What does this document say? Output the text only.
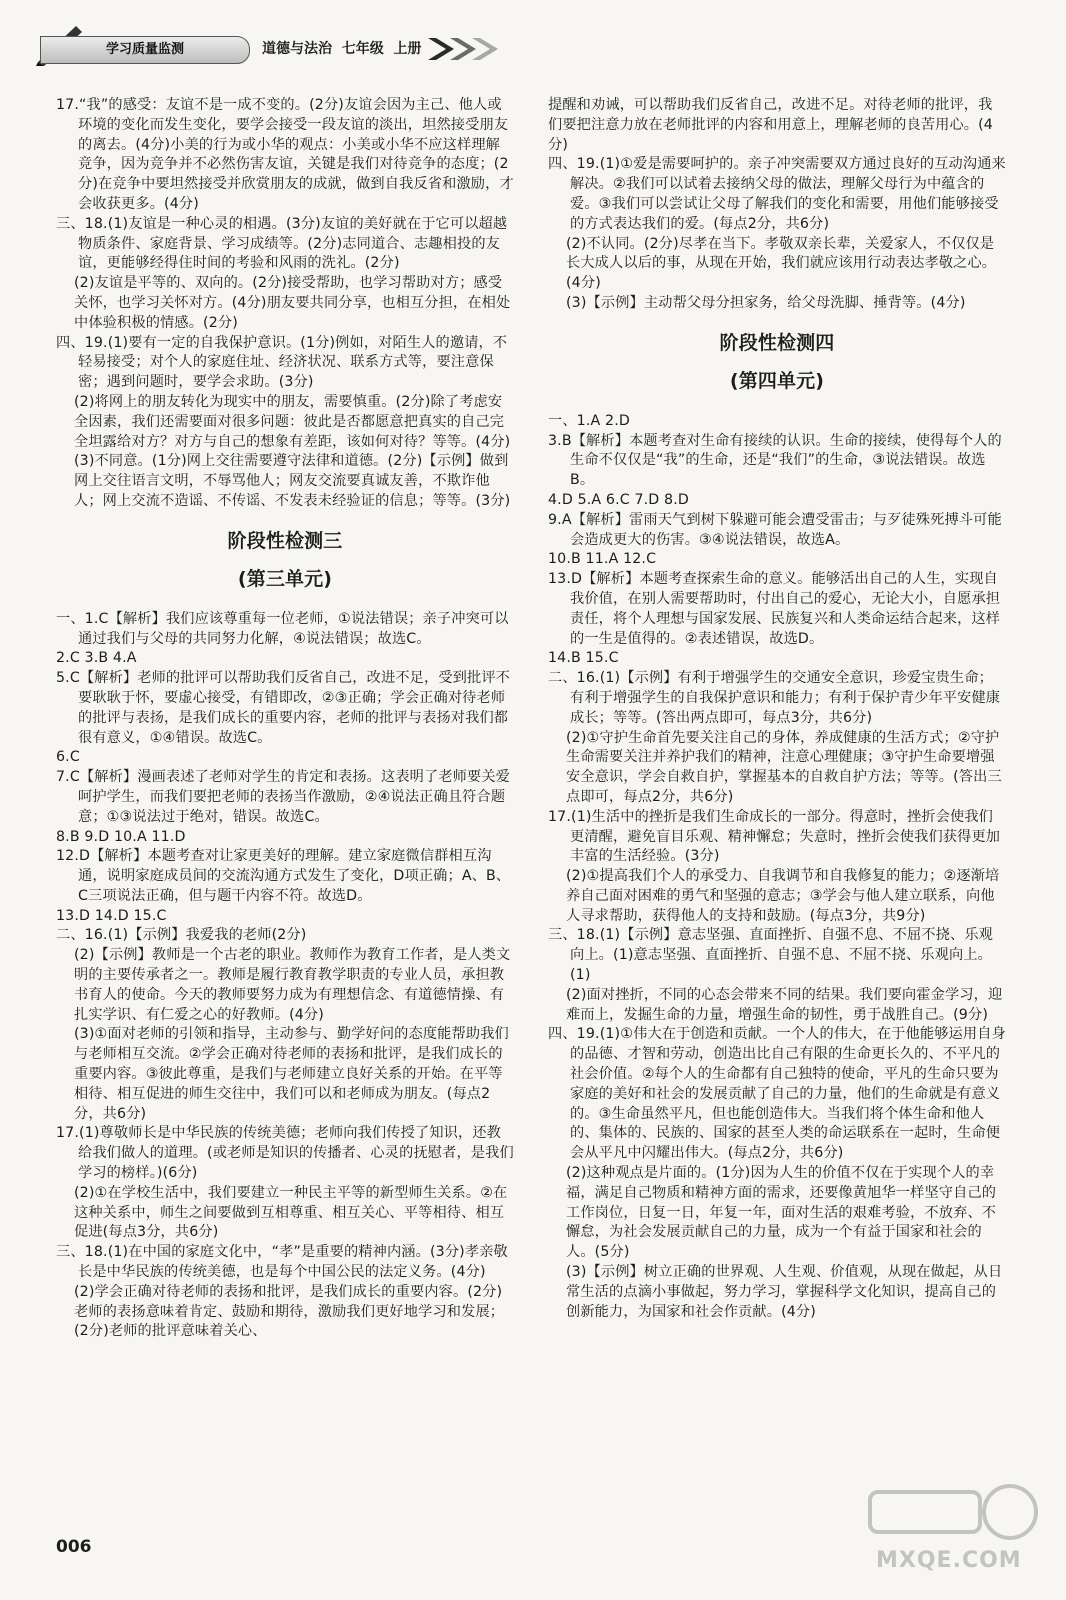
学习质量监测	道德与法治  七年级  上册
17.“我”的感受：友谊不是一成不变的。(2分)友谊会因为主己、他人或环境的变化而发生变化，要学会接受一段友谊的淡出，坦然接受朋友的离去。(4分)小美的行为或小华的观点：小美或小华不应这样理解竞争，因为竞争并不必然伤害友谊，关键是我们对待竞争的态度；(2分)在竞争中要坦然接受并欣赏朋友的成就，做到自我反省和激励，才会收获更多。(4分)
三、18.(1)友谊是一种心灵的相遇。(3分)友谊的美好就在于它可以超越物质条件、家庭背景、学习成绩等。(2分)志同道合、志趣相投的友谊，更能够经得住时间的考验和风雨的洗礼。(2分)
(2)友谊是平等的、双向的。(2分)接受帮助，也学习帮助对方；感受关怀，也学习关怀对方。(4分)朋友要共同分享，也相互分担，在相处中体验积极的情感。(2分)
四、19.(1)要有一定的自我保护意识。(1分)例如，对陌生人的邀请，不轻易接受；对个人的家庭住址、经济状况、联系方式等，要注意保密；遇到问题时，要学会求助。(3分)
(2)将网上的朋友转化为现实中的朋友，需要慎重。(2分)除了考虑安全因素，我们还需要面对很多问题：彼此是否都愿意把真实的自己完全坦露给对方？对方与自己的想象有差距，该如何对待？等等。(4分)
(3)不同意。(1分)网上交往需要遵守法律和道德。(2分)【示例】做到网上交往语言文明，不辱骂他人；网友交流要真诚友善，不欺诈他人；网上交流不造谣、不传谣、不发表未经验证的信息；等等。(3分)
阶段性检测三
(第三单元)
一、1.C【解析】我们应该尊重每一位老师，①说法错误；亲子冲突可以通过我们与父母的共同努力化解，④说法错误；故选C。
2.C 3.B 4.A
5.C【解析】老师的批评可以帮助我们反省自己，改进不足，受到批评不要耿耿于怀，要虚心接受，有错即改，②③正确；学会正确对待老师的批评与表扬，是我们成长的重要内容，老师的批评与表扬对我们都很有意义，①④错误。故选C。
6.C
7.C【解析】漫画表述了老师对学生的肯定和表扬。这表明了老师要关爱呵护学生，而我们要把老师的表扬当作激励，②④说法正确且符合题意；①③说法过于绝对，错误。故选C。
8.B 9.D 10.A 11.D
12.D【解析】本题考查对让家更美好的理解。建立家庭微信群相互沟通，说明家庭成员间的交流沟通方式发生了变化，D项正确；A、B、C三项说法正确，但与题干内容不符。故选D。
13.D 14.D 15.C
二、16.(1)【示例】我爱我的老师(2分)
(2)【示例】教师是一个古老的职业。教师作为教育工作者，是人类文明的主要传承者之一。教师是履行教育教学职责的专业人员，承担教书育人的使命。今天的教师要努力成为有理想信念、有道德情操、有扎实学识、有仁爱之心的好教师。(4分)
(3)①面对老师的引领和指导，主动参与、勤学好问的态度能帮助我们与老师相互交流。②学会正确对待老师的表扬和批评，是我们成长的重要内容。③彼此尊重，是我们与老师建立良好关系的开始。在平等相待、相互促进的师生交往中，我们可以和老师成为朋友。(每点2分，共6分)
17.(1)尊敬师长是中华民族的传统美德；老师向我们传授了知识，还教给我们做人的道理。(或老师是知识的传播者、心灵的抚慰者，是我们学习的榜样。)(6分)
(2)①在学校生活中，我们要建立一种民主平等的新型师生关系。②在这种关系中，师生之间要做到互相尊重、相互关心、平等相待、相互促进(每点3分，共6分)
三、18.(1)在中国的家庭文化中，“孝”是重要的精神内涵。(3分)孝亲敬长是中华民族的传统美德，也是每个中国公民的法定义务。(4分)
(2)学会正确对待老师的表扬和批评，是我们成长的重要内容。(2分)老师的表扬意味着肯定、鼓励和期待，激励我们更好地学习和发展；(2分)老师的批评意味着关心、
提醒和劝诫，可以帮助我们反省自己，改进不足。对待老师的批评，我们要把注意力放在老师批评的内容和用意上，理解老师的良苦用心。(4分)
四、19.(1)①爱是需要呵护的。亲子冲突需要双方通过良好的互动沟通来解决。②我们可以试着去接纳父母的做法，理解父母行为中蕴含的爱。③我们可以尝试让父母了解我们的变化和需要，用他们能够接受的方式表达我们的爱。(每点2分，共6分)
(2)不认同。(2分)尽孝在当下。孝敬双亲长辈，关爱家人，不仅仅是长大成人以后的事，从现在开始，我们就应该用行动表达孝敬之心。(4分)
(3)【示例】主动帮父母分担家务，给父母洗脚、捶背等。(4分)
阶段性检测四
(第四单元)
一、1.A 2.D
3.B【解析】本题考查对生命有接续的认识。生命的接续，使得每个人的生命不仅仅是“我”的生命，还是“我们”的生命，③说法错误。故选B。
4.D 5.A 6.C 7.D 8.D
9.A【解析】雷雨天气到树下躲避可能会遭受雷击；与歹徒殊死搏斗可能会造成更大的伤害。③④说法错误，故选A。
10.B 11.A 12.C
13.D【解析】本题考查探索生命的意义。能够活出自己的人生，实现自我价值，在别人需要帮助时，付出自己的爱心，无论大小，自愿承担责任，将个人理想与国家发展、民族复兴和人类命运结合起来，这样的一生是值得的。②表述错误，故选D。
14.B 15.C
二、16.(1)【示例】有利于增强学生的交通安全意识，珍爱宝贵生命；有利于增强学生的自我保护意识和能力；有利于保护青少年平安健康成长；等等。(答出两点即可，每点3分，共6分)
(2)①守护生命首先要关注自己的身体，养成健康的生活方式；②守护生命需要关注并养护我们的精神，注意心理健康；③守护生命要增强安全意识，学会自救自护，掌握基本的自救自护方法；等等。(答出三点即可，每点2分，共6分)
17.(1)生活中的挫折是我们生命成长的一部分。得意时，挫折会使我们更清醒，避免盲目乐观、精神懈怠；失意时，挫折会使我们获得更加丰富的生活经验。(3分)
(2)①提高我们个人的承受力、自我调节和自我修复的能力；②逐渐培养自己面对困难的勇气和坚强的意志；③学会与他人建立联系，向他人寻求帮助，获得他人的支持和鼓励。(每点3分，共9分)
三、18.(1)【示例】意志坚强、直面挫折、自强不息、不屈不挠、乐观向上。(1)意志坚强、直面挫折、自强不息、不屈不挠、乐观向上。(1)
(2)面对挫折，不同的心态会带来不同的结果。我们要向霍金学习，迎难而上，发掘生命的力量，增强生命的韧性，勇于战胜自己。(9分)
四、19.(1)①伟大在于创造和贡献。一个人的伟大，在于他能够运用自身的品德、才智和劳动，创造出比自己有限的生命更长久的、不平凡的社会价值。②每个人的生命都有自己独特的使命，平凡的生命只要为家庭的美好和社会的发展贡献了自己的力量，他们的生命就是有意义的。③生命虽然平凡，但也能创造伟大。当我们将个体生命和他人的、集体的、民族的、国家的甚至人类的命运联系在一起时，生命便会从平凡中闪耀出伟大。(每点2分，共6分)
(2)这种观点是片面的。(1分)因为人生的价值不仅在于实现个人的幸福，满足自己物质和精神方面的需求，还要像黄旭华一样坚守自己的工作岗位，日复一日，年复一年，面对生活的艰难考验，不放弃、不懈怠，为社会发展贡献自己的力量，成为一个有益于国家和社会的人。(5分)
(3)【示例】树立正确的世界观、人生观、价值观，从现在做起，从日常生活的点滴小事做起，努力学习，掌握科学文化知识，提高自己的创新能力，为国家和社会作贡献。(4分)
006
MXQE.COM
